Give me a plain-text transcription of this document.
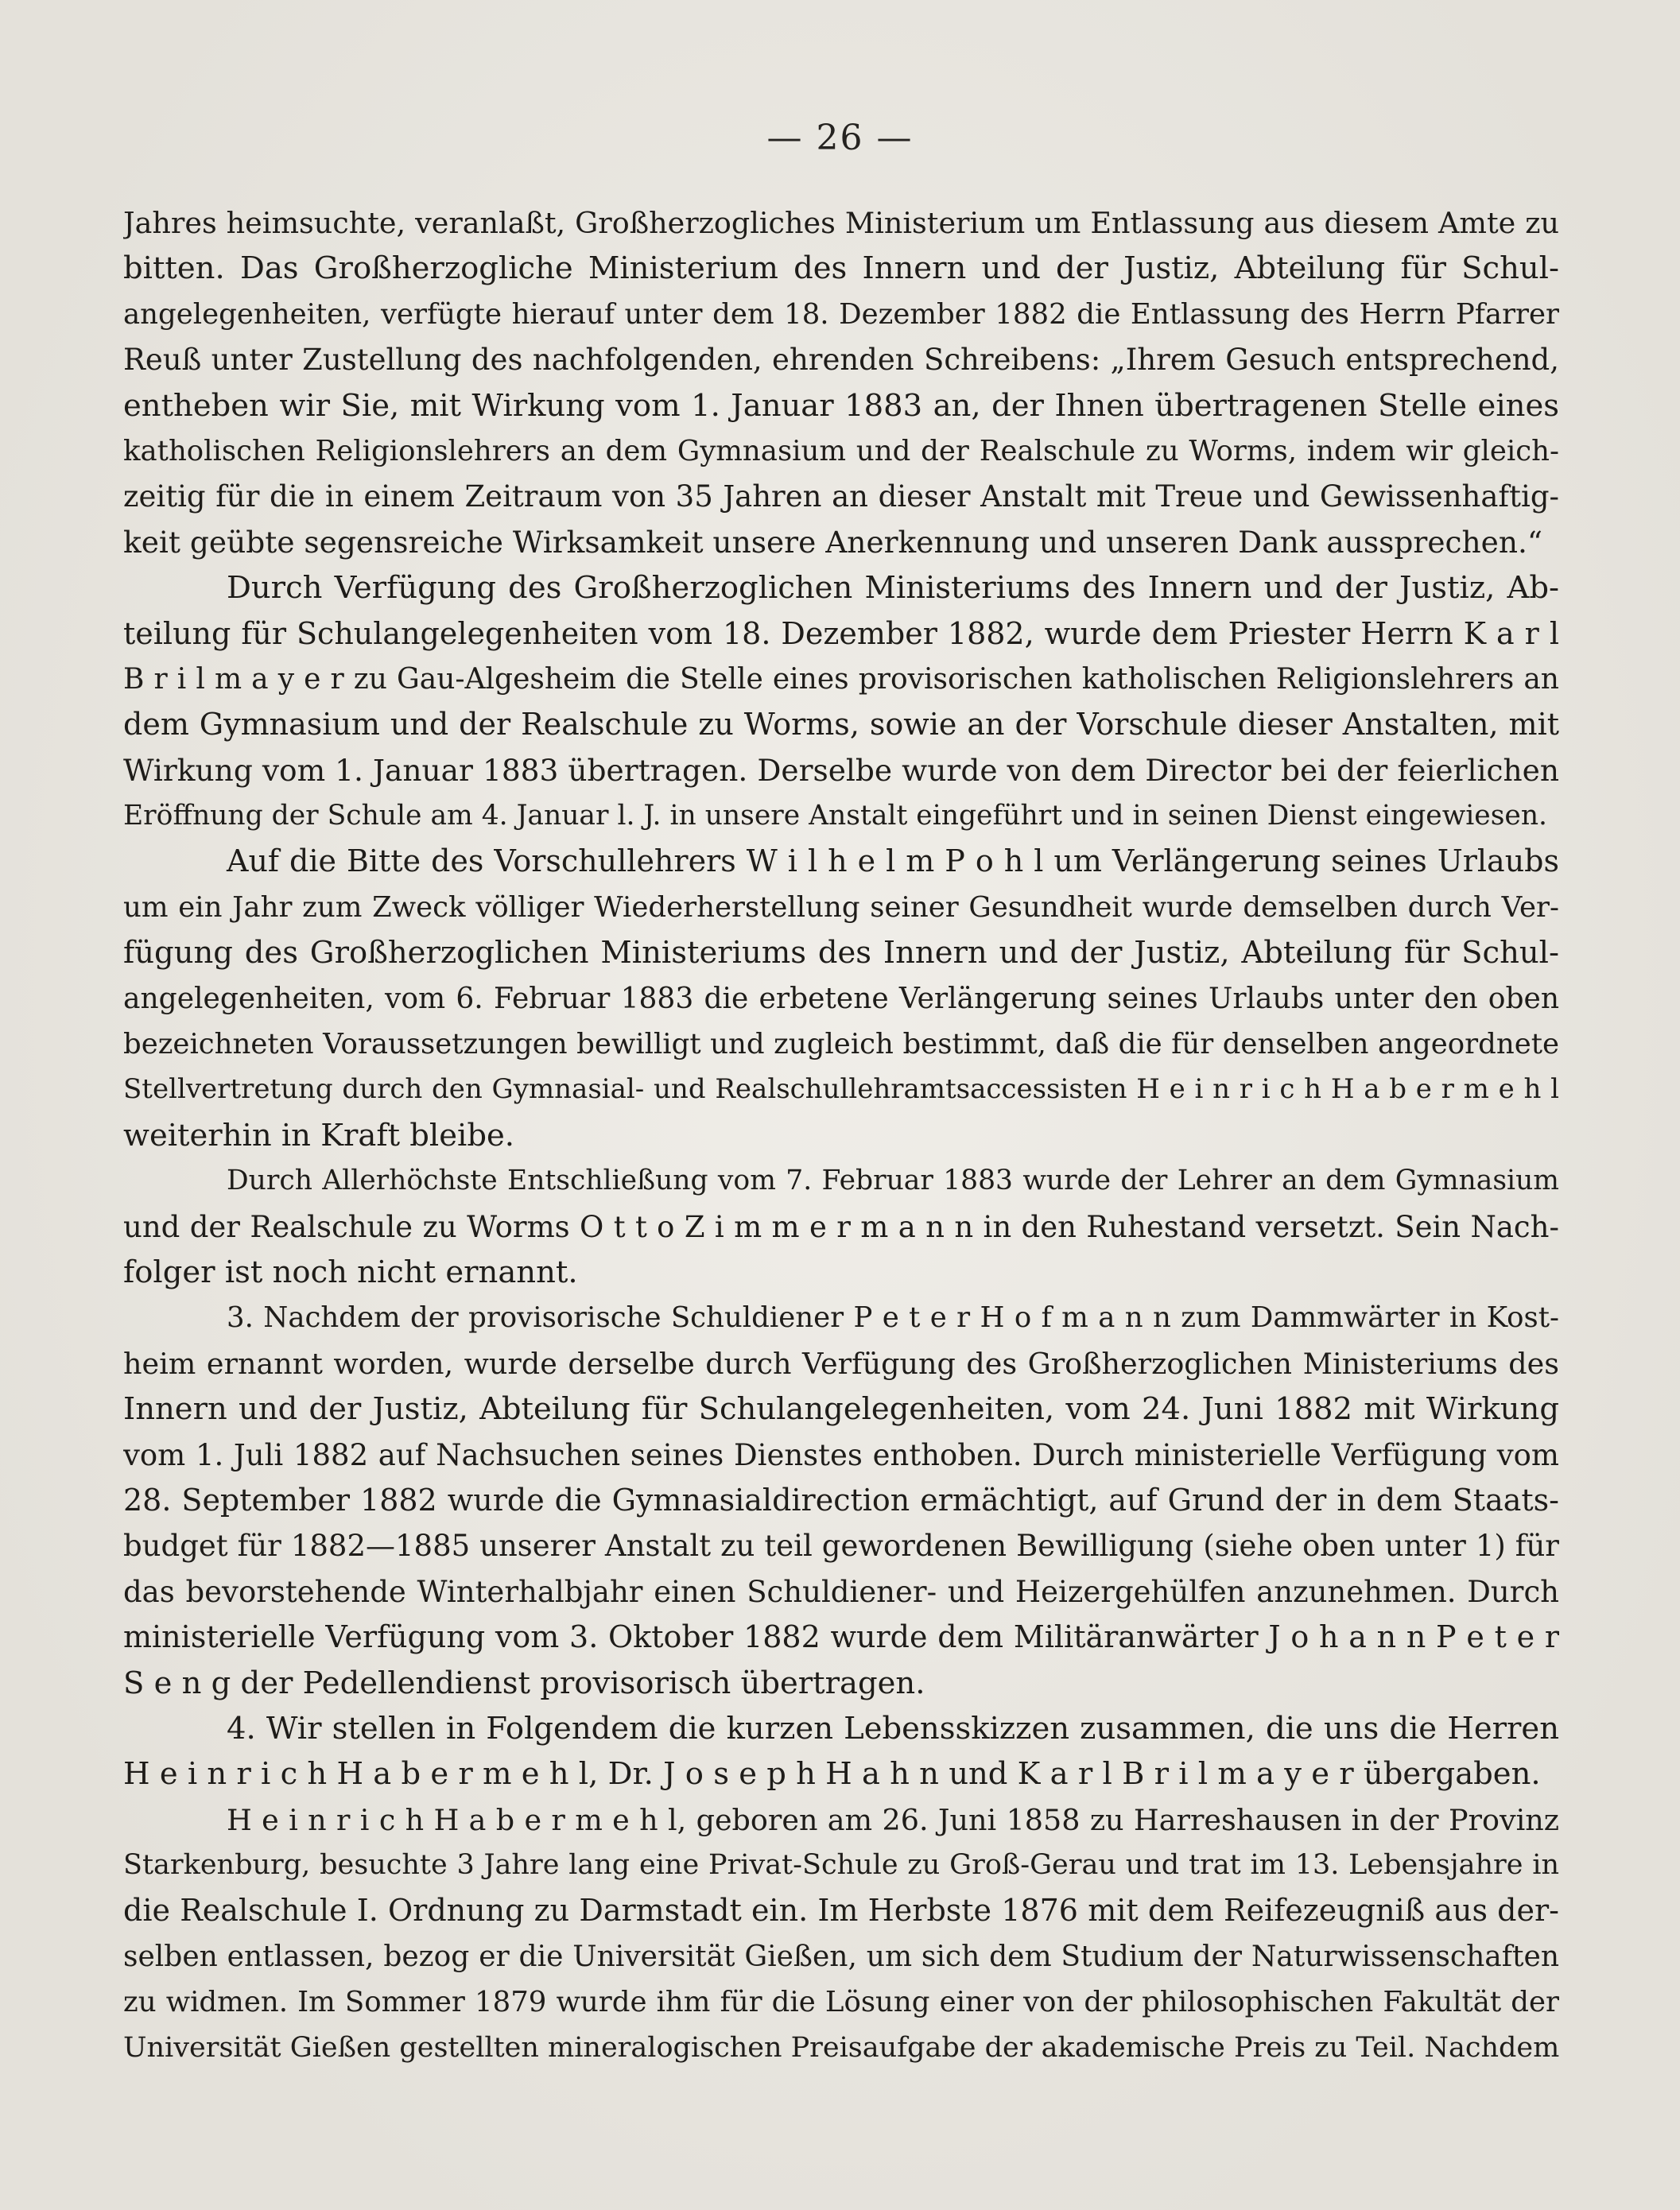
— 26 —
Jahres heimsuchte, veranlaßt, Großherzogliches Ministerium um Entlassung aus diesem Amte zu
bitten. Das Großherzogliche Ministerium des Innern und der Justiz, Abteilung für Schul-
angelegenheiten, verfügte hierauf unter dem 18. Dezember 1882 die Entlassung des Herrn Pfarrer
Reuß unter Zustellung des nachfolgenden, ehrenden Schreibens: „Ihrem Gesuch entsprechend,
entheben wir Sie, mit Wirkung vom 1. Januar 1883 an, der Ihnen übertragenen Stelle eines
katholischen Religionslehrers an dem Gymnasium und der Realschule zu Worms, indem wir gleich-
zeitig für die in einem Zeitraum von 35 Jahren an dieser Anstalt mit Treue und Gewissenhaftig-
keit geübte segensreiche Wirksamkeit unsere Anerkennung und unseren Dank aussprechen.“
Durch Verfügung des Großherzoglichen Ministeriums des Innern und der Justiz, Ab-
teilung für Schulangelegenheiten vom 18. Dezember 1882, wurde dem Priester Herrn K a r l
B r i l m a y e r zu Gau-Algesheim die Stelle eines provisorischen katholischen Religionslehrers an
dem Gymnasium und der Realschule zu Worms, sowie an der Vorschule dieser Anstalten, mit
Wirkung vom 1. Januar 1883 übertragen. Derselbe wurde von dem Director bei der feierlichen
Eröffnung der Schule am 4. Januar l. J. in unsere Anstalt eingeführt und in seinen Dienst eingewiesen.
Auf die Bitte des Vorschullehrers W i l h e l m P o h l um Verlängerung seines Urlaubs
um ein Jahr zum Zweck völliger Wiederherstellung seiner Gesundheit wurde demselben durch Ver-
fügung des Großherzoglichen Ministeriums des Innern und der Justiz, Abteilung für Schul-
angelegenheiten, vom 6. Februar 1883 die erbetene Verlängerung seines Urlaubs unter den oben
bezeichneten Voraussetzungen bewilligt und zugleich bestimmt, daß die für denselben angeordnete
Stellvertretung durch den Gymnasial- und Realschullehramtsaccessisten H e i n r i c h H a b e r m e h l
weiterhin in Kraft bleibe.
Durch Allerhöchste Entschließung vom 7. Februar 1883 wurde der Lehrer an dem Gymnasium
und der Realschule zu Worms O t t o Z i m m e r m a n n in den Ruhestand versetzt. Sein Nach-
folger ist noch nicht ernannt.
3. Nachdem der provisorische Schuldiener P e t e r H o f m a n n zum Dammwärter in Kost-
heim ernannt worden, wurde derselbe durch Verfügung des Großherzoglichen Ministeriums des
Innern und der Justiz, Abteilung für Schulangelegenheiten, vom 24. Juni 1882 mit Wirkung
vom 1. Juli 1882 auf Nachsuchen seines Dienstes enthoben. Durch ministerielle Verfügung vom
28. September 1882 wurde die Gymnasialdirection ermächtigt, auf Grund der in dem Staats-
budget für 1882—1885 unserer Anstalt zu teil gewordenen Bewilligung (siehe oben unter 1) für
das bevorstehende Winterhalbjahr einen Schuldiener- und Heizergehülfen anzunehmen. Durch
ministerielle Verfügung vom 3. Oktober 1882 wurde dem Militäranwärter J o h a n n P e t e r
S e n g der Pedellendienst provisorisch übertragen.
4. Wir stellen in Folgendem die kurzen Lebensskizzen zusammen, die uns die Herren
H e i n r i c h H a b e r m e h l, Dr. J o s e p h H a h n und K a r l B r i l m a y e r übergaben.
H e i n r i c h H a b e r m e h l, geboren am 26. Juni 1858 zu Harreshausen in der Provinz
Starkenburg, besuchte 3 Jahre lang eine Privat-Schule zu Groß-Gerau und trat im 13. Lebensjahre in
die Realschule I. Ordnung zu Darmstadt ein. Im Herbste 1876 mit dem Reifezeugniß aus der-
selben entlassen, bezog er die Universität Gießen, um sich dem Studium der Naturwissenschaften
zu widmen. Im Sommer 1879 wurde ihm für die Lösung einer von der philosophischen Fakultät der
Universität Gießen gestellten mineralogischen Preisaufgabe der akademische Preis zu Teil. Nachdem
